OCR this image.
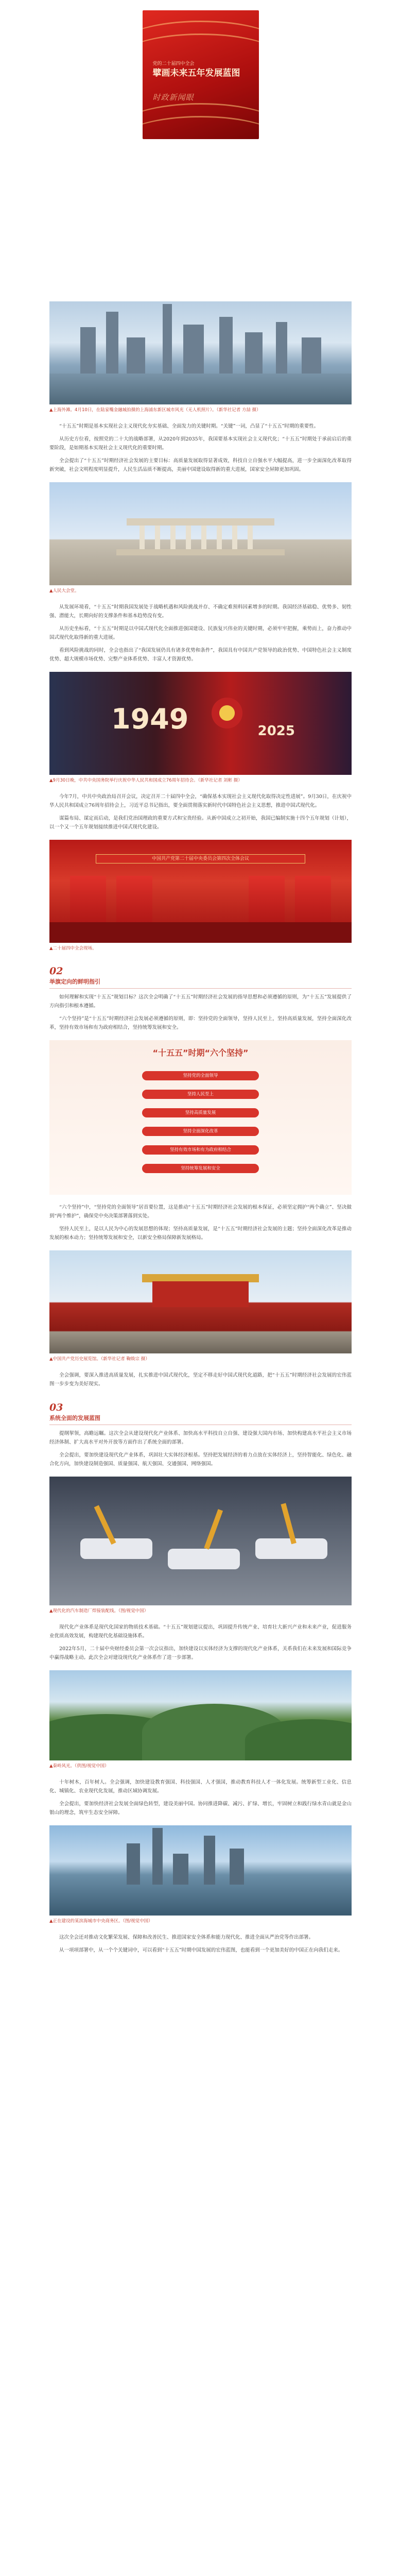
党的二十届四中全会
擘画未来五年发展蓝图
时政新闻眼

▲上海外滩。4月10日，在陆家嘴金融城拍摄的上海浦东新区城市风光（无人机照片）。（新华社记者 方喆 摄）

“十五五”时期是基本实现社会主义现代化夯实基础、全面发力的关键时期。“关键”一词，凸显了“十五五”时期的重要性。

从历史方位看，按照党的二十大的战略部署，从2020年到2035年，我国要基本实现社会主义现代化；“十五五”时期处于承前启后的重要阶段，是如期基本实现社会主义现代化的重要时期。

全会提出了“十五五”时期经济社会发展的主要目标：高质量发展取得显著成效，科技自立自强水平大幅提高，进一步全面深化改革取得新突破，社会文明程度明显提升，人民生活品质不断提高，美丽中国建设取得新的重大进展，国家安全屏障更加巩固。

▲人民大会堂。

从发展环境看，“十五五”时期我国发展处于战略机遇和风险挑战并存、不确定难预料因素增多的时期。我国经济基础稳、优势多、韧性强、潜能大，长期向好的支撑条件和基本趋势没有变。

从历史坐标看，“十五五”时期是以中国式现代化全面推进强国建设、民族复兴伟业的关键时期，必须牢牢把握，乘势而上，奋力推动中国式现代化取得新的重大进展。

看到风险挑战的同时，全会也指出了“我国发展仍具有诸多优势和条件”，我国具有中国共产党领导的政治优势、中国特色社会主义制度优势、超大规模市场优势、完整产业体系优势、丰富人才资源优势。

1949	2025

▲9月30日晚，中共中央国务院举行庆祝中华人民共和国成立76周年招待会。（新华社记者 刘彬 摄）

今年7月，中共中央政治局召开会议，决定召开二十届四中全会，“确保基本实现社会主义现代化取得决定性进展”。9月30日，在庆祝中华人民共和国成立76周年招待会上，习近平总书记指出，要全面贯彻落实新时代中国特色社会主义思想，推进中国式现代化。

谋篇布局、谋定而后动，是我们党治国理政的重要方式和宝贵经验。从新中国成立之初开始，我国已编制实施十四个五年规划（计划），以一个又一个五年规划接续推进中国式现代化建设。

中国共产党第二十届中央委员会第四次全体会议

▲二十届四中全会现场。

02
举旗定向的鲜明指引

如何理解和实现“十五五”规划目标？这次全会明确了“十五五”时期经济社会发展的指导思想和必须遵循的原则，为“十五五”发展提供了方向指引和根本遵循。

“六个坚持”是“十五五”时期经济社会发展必须遵循的原则，即：坚持党的全面领导，坚持人民至上，坚持高质量发展，坚持全面深化改革，坚持有效市场和有为政府相结合，坚持统筹发展和安全。

“十五五”时期“六个坚持”
坚持党的全面领导
坚持人民至上
坚持高质量发展
坚持全面深化改革
坚持有效市场和有为政府相结合
坚持统筹发展和安全

“六个坚持”中，“坚持党的全面领导”居首要位置，这是推动“十五五”时期经济社会发展的根本保证，必须坚定拥护“两个确立”、坚决做到“两个维护”，确保党中央决策部署落到实处。

坚持人民至上，是以人民为中心的发展思想的体现；坚持高质量发展，是“十五五”时期经济社会发展的主题；坚持全面深化改革是推动发展的根本动力；坚持统筹发展和安全，以新安全格局保障新发展格局。

▲中国共产党历史展览馆。（新华社记者 鞠焕宗 摄）

全会强调，要深入推进高质量发展，扎实推进中国式现代化，坚定不移走好中国式现代化道路，把“十五五”时期经济社会发展的宏伟蓝图一步步变为美好现实。

03
系统全面的发展蓝图

提纲挈领，高瞻远瞩。这次全会从建设现代化产业体系、加快高水平科技自立自强、建设强大国内市场、加快构建高水平社会主义市场经济体制、扩大高水平对外开放等方面作出了系统全面的部署。

全会提出，要加快建设现代化产业体系，巩固壮大实体经济根基。坚持把发展经济的着力点放在实体经济上，坚持智能化、绿色化、融合化方向，加快建设制造强国、质量强国、航天强国、交通强国、网络强国。

▲现代化的汽车制造厂焊接装配线。（图/视觉中国）

现代化产业体系是现代化国家的物质技术基础。“十五五”规划建议提出，巩固提升传统产业、培育壮大新兴产业和未来产业，促进服务业优质高效发展，构建现代化基础设施体系。

2022年5月，二十届中央财经委员会第一次会议指出，加快建设以实体经济为支撑的现代化产业体系，关系我们在未来发展和国际竞争中赢得战略主动。此次全会对建设现代化产业体系作了进一步部署。

▲秦岭风光。（供图/视觉中国）

十年树木，百年树人。全会强调，加快建设教育强国、科技强国、人才强国，推动教育科技人才一体化发展。统筹新型工业化、信息化、城镇化、农业现代化发展，推动区域协调发展。

全会提出，要加快经济社会发展全面绿色转型，建设美丽中国。协同推进降碳、减污、扩绿、增长，牢固树立和践行绿水青山就是金山银山的理念，筑牢生态安全屏障。

▲正在建设的某滨海城市中央商务区。（图/视觉中国）

这次全会还对推动文化繁荣发展、保障和改善民生、推进国家安全体系和能力现代化、推进全面从严治党等作出部署。

从一项项部署中，从一个个关键词中，可以看到“十五五”时期中国发展的宏伟蓝图，也能看到一个更加美好的中国正在向我们走来。
